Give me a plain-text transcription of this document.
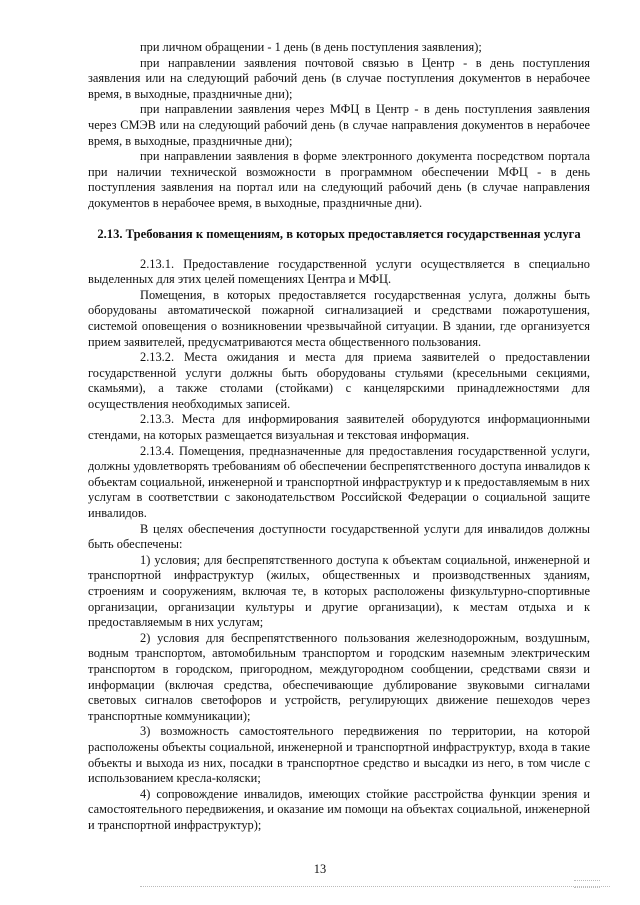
при личном обращении - 1 день (в день поступления заявления);

при направлении заявления почтовой связью в Центр - в день поступления заявления или на следующий рабочий день (в случае поступления документов в нерабочее время, в выходные, праздничные дни);

при направлении заявления через МФЦ в Центр - в день поступления заявления через СМЭВ или на следующий рабочий день (в случае направления документов в нерабочее время, в выходные, праздничные дни);

при направлении заявления в форме электронного документа посредством портала при наличии технической возможности в программном обеспечении МФЦ - в день поступления заявления на портал или на следующий рабочий день (в случае направления документов в нерабочее время, в выходные, праздничные дни).

2.13. Требования к помещениям, в которых предоставляется государственная услуга

2.13.1. Предоставление государственной услуги осуществляется в специально выделенных для этих целей помещениях Центра и МФЦ.

Помещения, в которых предоставляется государственная услуга, должны быть оборудованы автоматической пожарной сигнализацией и средствами пожаротушения, системой оповещения о возникновении чрезвычайной ситуации. В здании, где организуется прием заявителей, предусматриваются места общественного пользования.

2.13.2. Места ожидания и места для приема заявителей о предоставлении государственной услуги должны быть оборудованы стульями (кресельными секциями, скамьями), а также столами (стойками) с канцелярскими принадлежностями для осуществления необходимых записей.

2.13.3. Места для информирования заявителей оборудуются информационными стендами, на которых размещается визуальная и текстовая информация.

2.13.4. Помещения, предназначенные для предоставления государственной услуги, должны удовлетворять требованиям об обеспечении беспрепятственного доступа инвалидов к объектам социальной, инженерной и транспортной инфраструктур и к предоставляемым в них услугам в соответствии с законодательством Российской Федерации о социальной защите инвалидов.

В целях обеспечения доступности государственной услуги для инвалидов должны быть обеспечены:

1) условия; для беспрепятственного доступа к объектам социальной, инженерной и транспортной инфраструктур (жилых, общественных и производственных зданиям, строениям и сооружениям, включая те, в которых расположены физкультурно-спортивные организации, организации культуры и другие организации), к местам отдыха и к предоставляемым в них услугам;

2) условия для беспрепятственного пользования железнодорожным, воздушным, водным транспортом, автомобильным транспортом и городским наземным электрическим транспортом в городском, пригородном, междугородном сообщении, средствами связи и информации (включая средства, обеспечивающие дублирование звуковыми сигналами световых сигналов светофоров и устройств, регулирующих движение пешеходов через транспортные коммуникации);

3) возможность самостоятельного передвижения по территории, на которой расположены объекты социальной, инженерной и транспортной инфраструктур, входа в такие объекты и выхода из них, посадки в транспортное средство и высадки из него, в том числе с использованием кресла-коляски;

4) сопровождение инвалидов, имеющих стойкие расстройства функции зрения и самостоятельного передвижения, и оказание им помощи на объектах социальной, инженерной и транспортной инфраструктур);

13
